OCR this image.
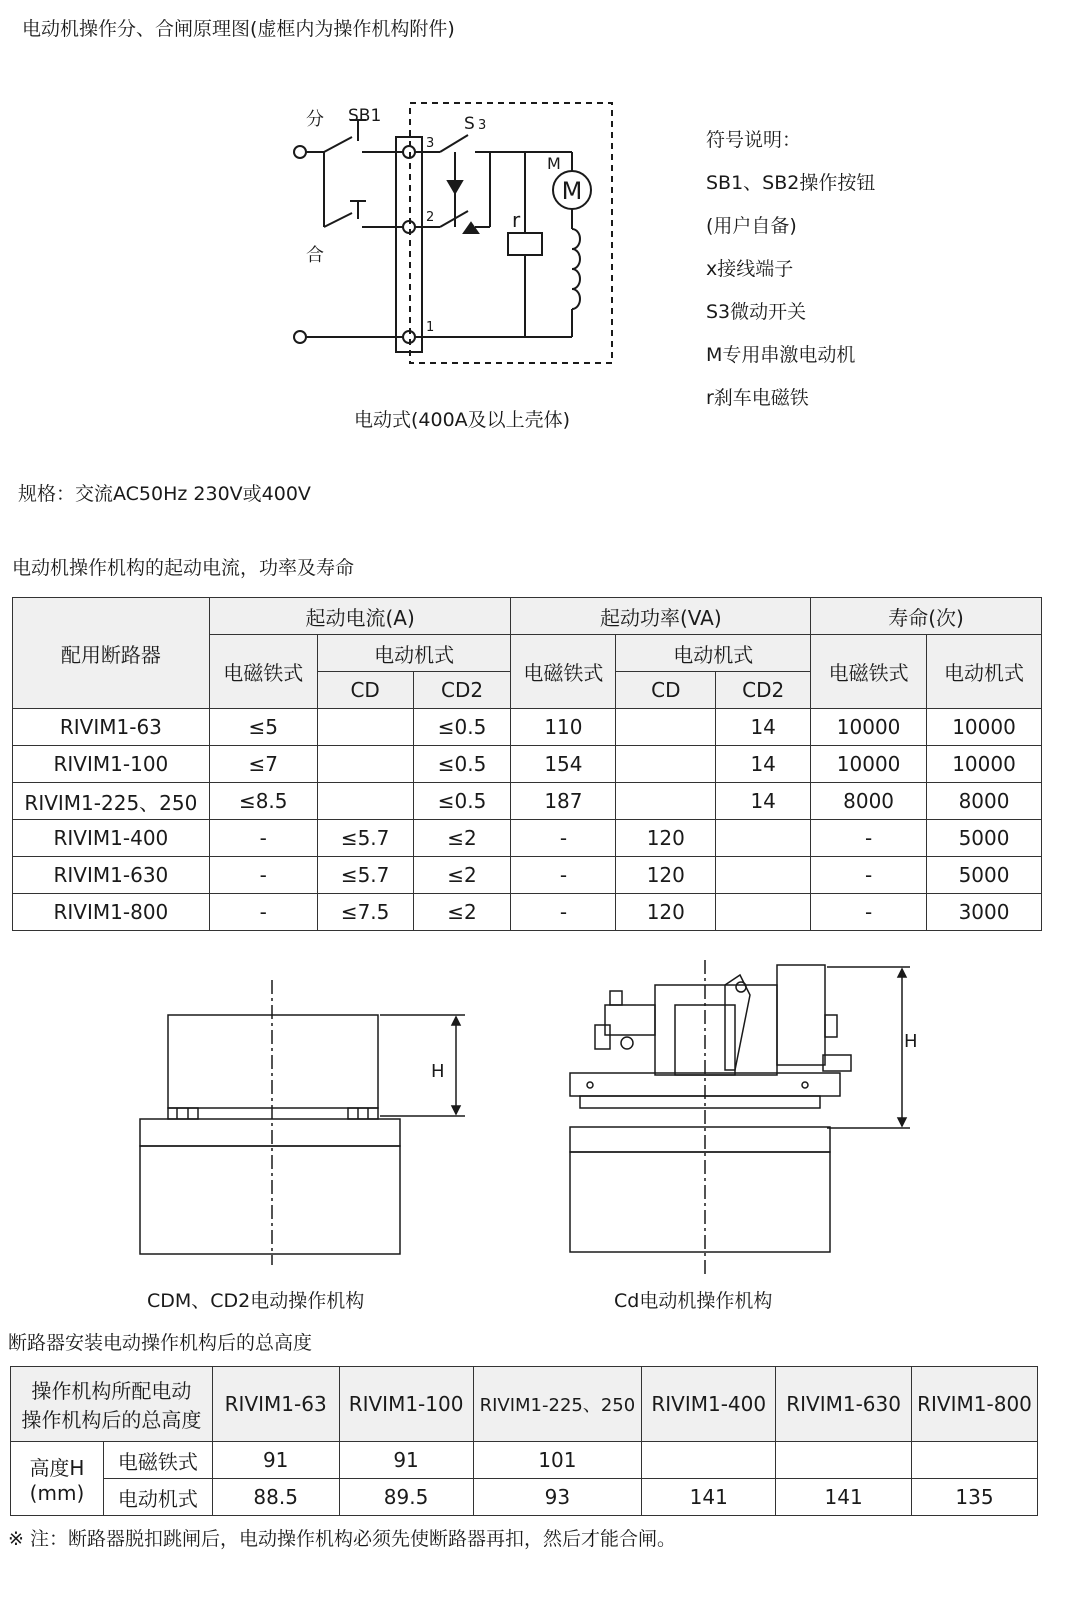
电动机操作分、合闸原理图(虚框内为操作机构附件)
分
合
SB1	S 3
3
2
1
M
M
r
电动式(400A及以上壳体)
符号说明：
SB1、SB2操作按钮
(用户自备)
x接线端子
S3微动开关
M专用串激电动机
r刹车电磁铁
规格：交流AC50Hz 230V或400V
电动机操作机构的起动电流，功率及寿命
配用断路器	起动电流(A)			起动功率(VA)			寿命(次)	
	电磁铁式	电动机式		电磁铁式	电动机式		电磁铁式	电动机式
		CD	CD2		CD	CD2		
RIVIM1-63	≤5		≤0.5	110		14	10000	10000
RIVIM1-100	≤7		≤0.5	154		14	10000	10000
RIVIM1-225、250	≤8.5		≤0.5	187		14	8000	8000
RIVIM1-400	-	≤5.7	≤2	-	120		-	5000
RIVIM1-630	-	≤5.7	≤2	-	120		-	5000
RIVIM1-800	-	≤7.5	≤2	-	120		-	3000
H
CDM、CD2电动操作机构
H
Cd电动机操作机构
断路器安装电动操作机构后的总高度
操作机构所配电动
操作机构后的总高度		RIVIM1-63	RIVIM1-100	RIVIM1-225、250	RIVIM1-400	RIVIM1-630	RIVIM1-800

高度H
(mm)	电磁铁式	91	91	101			
	电动机式	88.5	89.5	93	141	141	135
※ 注：断路器脱扣跳闸后，电动操作机构必须先使断路器再扣，然后才能合闸。
